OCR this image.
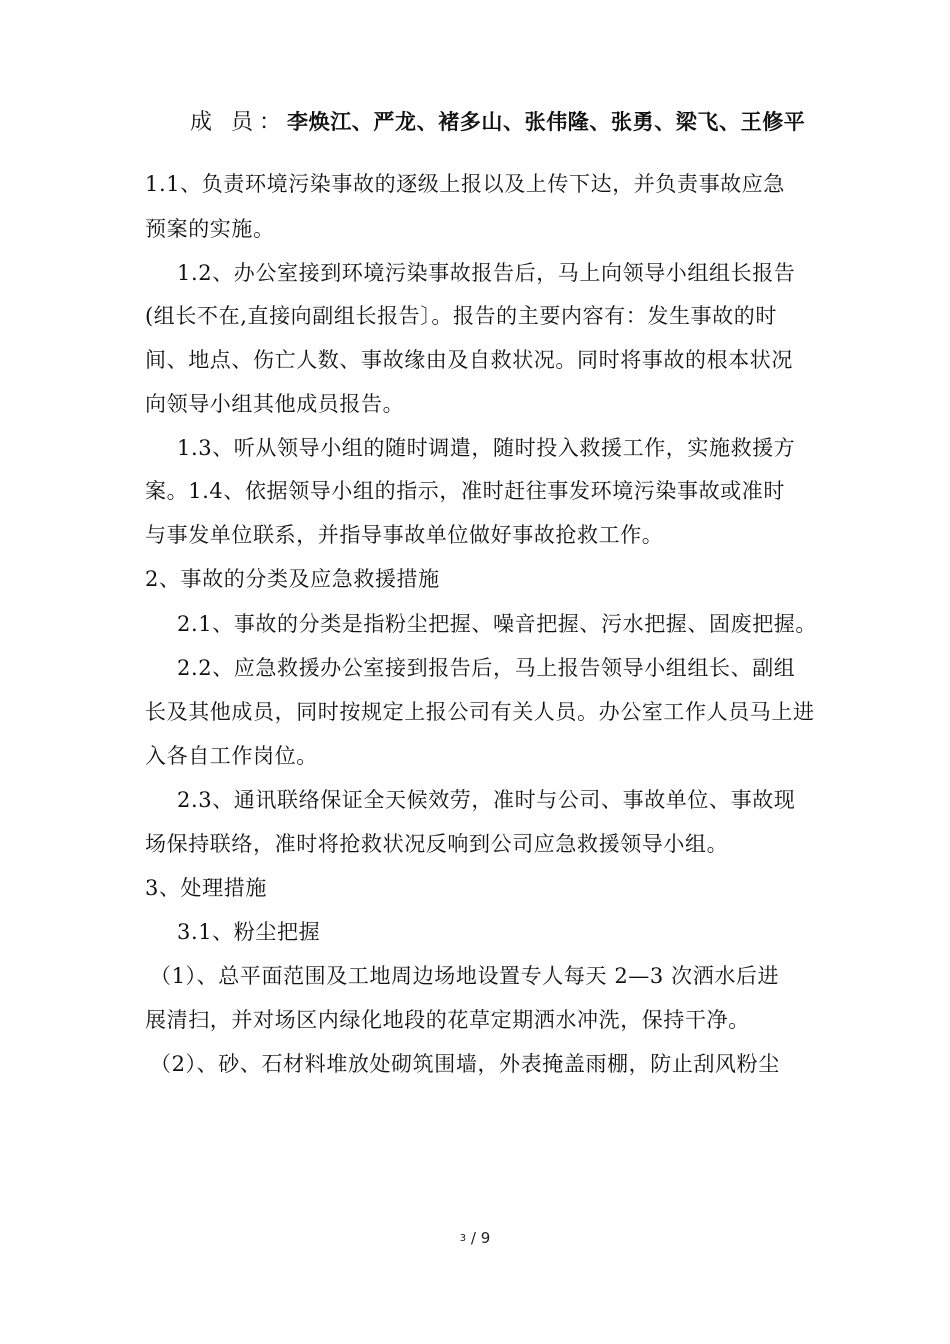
成 员：李焕江、严龙、褚多山、张伟隆、张勇、梁飞、王修平
1.1、负责环境污染事故的逐级上报以及上传下达，并负责事故应急
预案的实施。
1.2、办公室接到环境污染事故报告后，马上向领导小组组长报告
(组长不在,直接向副组长报告〕。报告的主要内容有：发生事故的时
间、地点、伤亡人数、事故缘由及自救状况。同时将事故的根本状况
向领导小组其他成员报告。
1.3、听从领导小组的随时调遣，随时投入救援工作，实施救援方
案。1.4、依据领导小组的指示，准时赶往事发环境污染事故或准时
与事发单位联系，并指导事故单位做好事故抢救工作。
2、事故的分类及应急救援措施
2.1、事故的分类是指粉尘把握、噪音把握、污水把握、固废把握。
2.2、应急救援办公室接到报告后，马上报告领导小组组长、副组
长及其他成员，同时按规定上报公司有关人员。办公室工作人员马上进
入各自工作岗位。
2.3、通讯联络保证全天候效劳，准时与公司、事故单位、事故现
场保持联络，准时将抢救状况反响到公司应急救援领导小组。
3、处理措施
3.1、粉尘把握
（1）、总平面范围及工地周边场地设置专人每天 2—3 次洒水后进
展清扫，并对场区内绿化地段的花草定期洒水冲洗，保持干净。
（2）、砂、石材料堆放处砌筑围墙，外表掩盖雨棚，防止刮风粉尘
3 / 9
